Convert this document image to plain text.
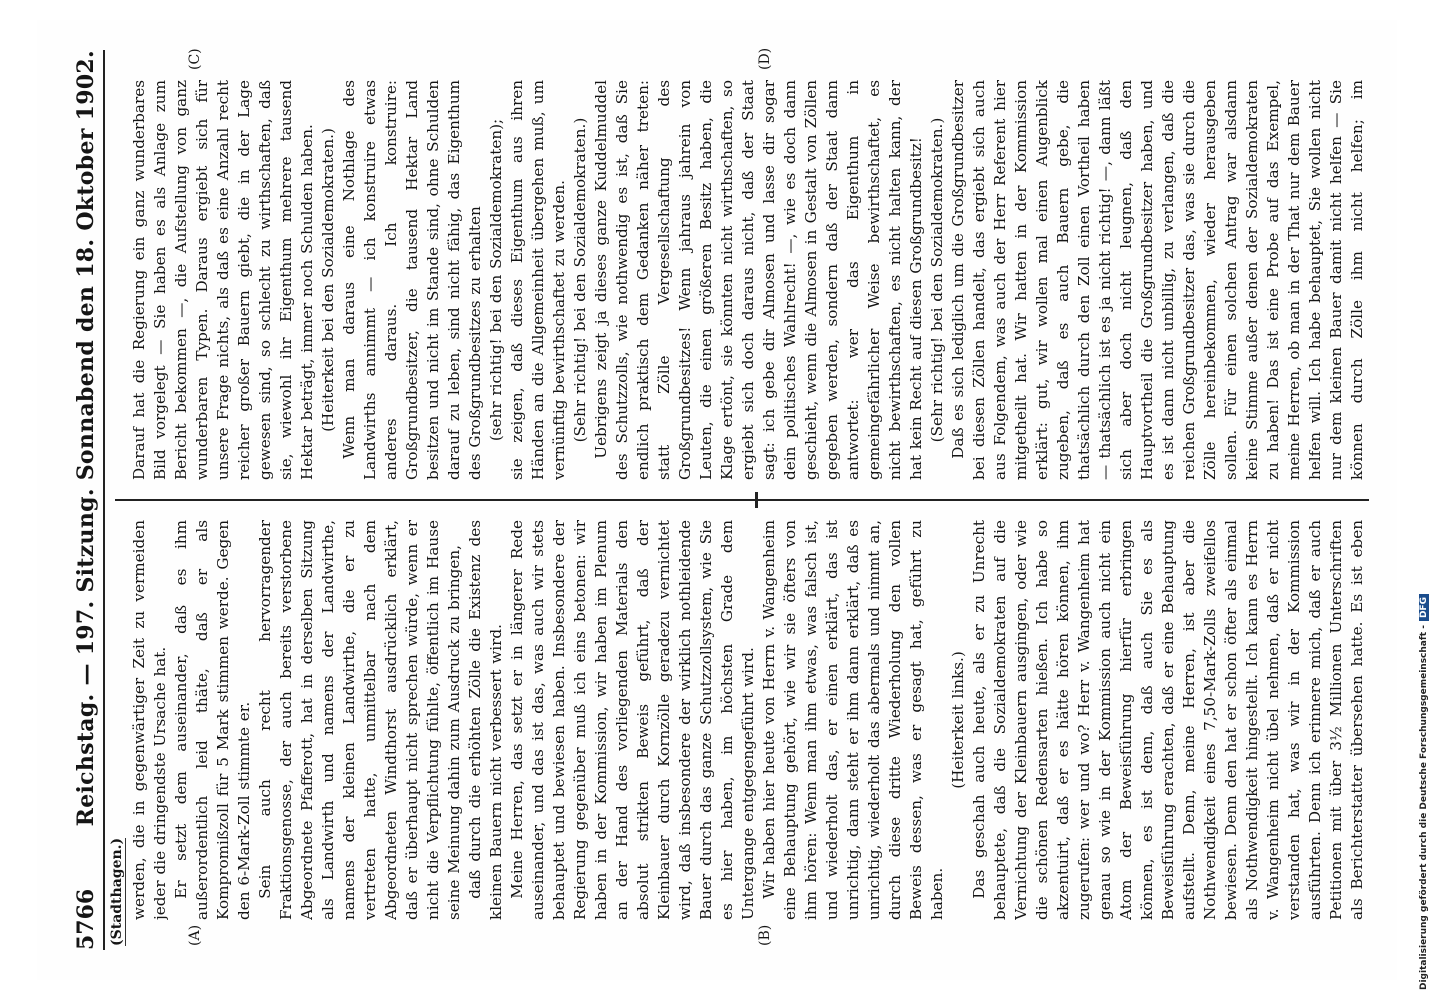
5766
Reichstag. — 197. Sitzung. Sonnabend den 18. Oktober 1902.
(Stadthagen.)	(A)	(B)
(C)	(D)

werden, die in gegenwärtiger Zeit zu vermeiden jeder die dringendste Ursache hat. Er setzt dem auseinander, daß es ihm außerordentlich leid thäte, daß er als Kompromißzoll für 5 Mark stimmen werde. Gegen den 6-Mark-Zoll stimmte er. Sein auch recht hervorragender Fraktionsgenosse, der auch bereits verstorbene Abgeordnete Pfafferott, hat in derselben Sitzung als Landwirth und namens der Landwirthe, namens der kleinen Landwirthe, die er zu vertreten hatte, unmittelbar nach dem Abgeordneten Windthorst ausdrücklich erklärt, daß er überhaupt nicht sprechen würde, wenn er nicht die Verpflichtung fühlte, öffentlich im Hause seine Meinung dahin zum Ausdruck zu bringen, daß durch die erhöhten Zölle die Existenz des kleinen Bauern nicht verbessert wird. Meine Herren, das setzt er in längerer Rede auseinander, und das ist das, was auch wir stets behauptet und bewiesen haben. Insbesondere der Regierung gegenüber muß ich eins betonen: wir haben in der Kommission, wir haben im Plenum an der Hand des vorliegenden Materials den absolut strikten Beweis geführt, daß der Kleinbauer durch Kornzölle geradezu vernichtet wird, daß insbesondere der wirklich nothleidende Bauer durch das ganze Schutzzollsystem, wie Sie es hier haben, im höchsten Grade dem Untergange entgegengeführt wird. Wir haben hier heute von Herrn v. Wangenheim eine Behauptung gehört, wie wir sie öfters von ihm hören: Wenn man ihm etwas, was falsch ist, und wiederholt das, er einen erklärt, das ist unrichtig, dann steht er ihm dann erklärt, daß es unrichtig, wiederholt das abermals und nimmt an, durch diese dritte Wiederholung den vollen Beweis dessen, was er gesagt hat, geführt zu haben.

(Heiterkeit links.)

Das geschah auch heute, als er zu Unrecht behauptete, daß die Sozialdemokraten auf die Vernichtung der Kleinbauern ausgingen, oder wie die schönen Redensarten hießen. Ich habe so akzentuirt, daß er es hätte hören können, ihm zugerufen: wer und wo? Herr v. Wangenheim hat genau so wie in der Kommission auch nicht ein Atom der Beweisführung hierfür erbringen können, es ist denn, daß auch Sie es als Beweisführung erachten, daß er eine Behauptung aufstellt. Denn, meine Herren, ist aber die Nothwendigkeit eines 7,50-Mark-Zolls zweifellos bewiesen. Denn den hat er schon öfter als einmal als Nothwendigkeit hingestellt. Ich kann es Herrn v. Wangenheim nicht übel nehmen, daß er nicht verstanden hat, was wir in der Kommission ausführten. Denn ich erinnere mich, daß er auch Petitionen mit über 3½ Millionen Unterschriften als Berichterstatter übersehen hatte. Es ist eben

Darauf hat die Regierung ein ganz wunderbares Bild vorgelegt — Sie haben es als Anlage zum Bericht bekommen —, die Aufstellung von ganz wunderbaren Typen. Daraus ergiebt sich für unsere Frage nichts, als daß es eine Anzahl recht reicher großer Bauern giebt, die in der Lage gewesen sind, so schlecht zu wirthschaften, daß sie, wiewohl ihr Eigenthum mehrere tausend Hektar beträgt, immer noch Schulden haben. (Heiterkeit bei den Sozialdemokraten.) Wenn man daraus eine Nothlage des Landwirths annimmt — ich konstruire etwas anderes daraus. Ich konstruire: Großgrundbesitzer, die tausend Hektar Land besitzen und nicht im Stande sind, ohne Schulden darauf zu leben, sind nicht fähig, das Eigenthum des Großgrundbesitzes zu erhalten (sehr richtig! bei den Sozialdemokraten); sie zeigen, daß dieses Eigenthum aus ihren Händen an die Allgemeinheit übergehen muß, um vernünftig bewirthschaftet zu werden. (Sehr richtig! bei den Sozialdemokraten.) Uebrigens zeigt ja dieses ganze Kuddelmuddel des Schutzzolls, wie nothwendig es ist, daß Sie endlich praktisch dem Gedanken näher treten: statt Zölle Vergesellschaftung des Großgrundbesitzes! Wenn jahraus jahrein von Leuten, die einen größeren Besitz haben, die Klage ertönt, sie könnten nicht wirthschaften, so ergiebt sich doch daraus nicht, daß der Staat sagt: ich gebe dir Almosen und lasse dir sogar dein politisches Wahlrecht! —, wie es doch dann geschieht, wenn die Almosen in Gestalt von Zöllen gegeben werden, sondern daß der Staat dann antwortet: wer das Eigenthum in gemeingefährlicher Weise bewirthschaftet, es nicht bewirthschaften, es nicht halten kann, der hat kein Recht auf diesen Großgrundbesitz! (Sehr richtig! bei den Sozialdemokraten.)

Daß es sich lediglich um die Großgrundbesitzer bei diesen Zöllen handelt, das ergiebt sich auch aus Folgendem, was auch der Herr Referent hier mitgetheilt hat. Wir hatten in der Kommission erklärt: gut, wir wollen mal einen Augenblick zugeben, daß es auch Bauern gebe, die thatsächlich durch den Zoll einen Vortheil haben — thatsächlich ist es ja nicht richtig! —, dann läßt sich aber doch nicht leugnen, daß den Hauptvortheil die Großgrundbesitzer haben, und es ist dann nicht unbillig, zu verlangen, daß die reichen Großgrundbesitzer das, was sie durch die Zölle hereinbekommen, wieder herausgeben sollen. Für einen solchen Antrag war alsdann keine Stimme außer denen der Sozialdemokraten zu haben! Das ist eine Probe auf das Exempel, meine Herren, ob man in der That nur dem Bauer helfen will. Ich habe behauptet, Sie wollen nicht nur dem kleinen Bauer damit nicht helfen — Sie können durch Zölle ihm nicht helfen; im

Digitalisierung gefördert durch die Deutsche Forschungsgemeinschaft -DFG
